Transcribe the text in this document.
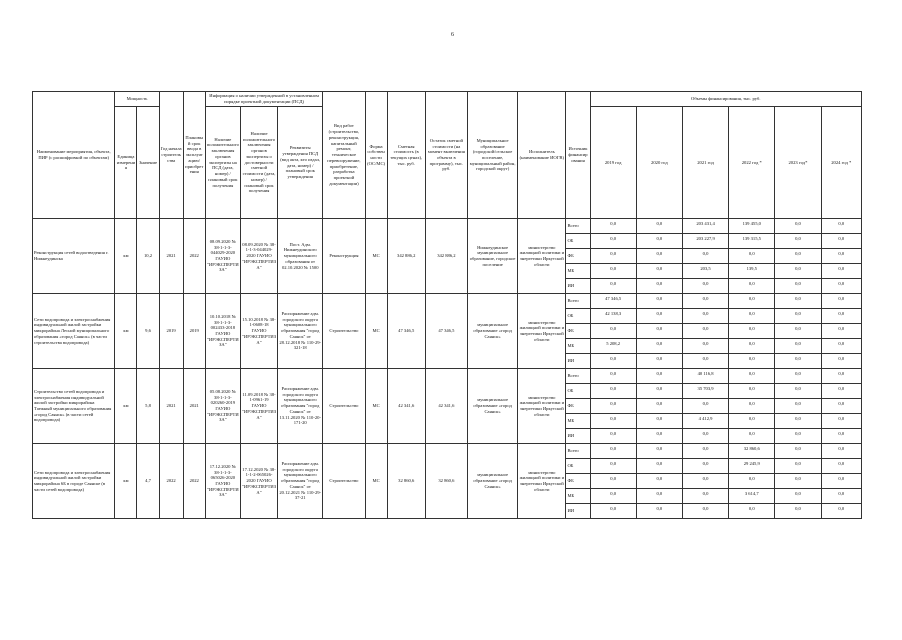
6
Наименование мероприятия, объекта, ПИР (с расшифровкой по объектам)	Мощность		Год начала строительства	Плановый срок ввода в эксплуатацию/приобретения	Информация о наличии утвержденной в установленном порядке проектной документации (ПСД)			Вид работ (строительство, реконструкция, капитальный ремонт, техническое перевооружение, приобретение, разработка проектной документации)	Форма собственности (ОС/МС)	Сметная стоимость (в текущих ценах), тыс. руб.	Остаток сметной стоимости (на момент включения объекта в программу), тыс. руб.	Муниципальное образование (городской/сельское поселение, муниципальный район, городской округ)	Исполнитель (наименование ИОГВ)	Источник финансирования	Объемы финансирования, тыс. руб.					

	Единица измерения	Значение			Наличие положительного заключения органов экспертизы на ПСД (дата, номер) / плановый срок получения	Наличие положительного заключения органов экспертизы о достоверности сметной стоимости (дата, номер) / плановый срок получения	Реквизиты утверждения ПСД (вид акта, кто издал, дата, номер) / плановый срок утверждения								2019 год	2020 год	2021 год	2022 год *	2023 год*	2024 год *
Реконструкция сетей водоотведения г. Нижнеудинска	км	10,2	2021	2022	08.09.2020 № 38-1-1-3-044029-2020 ГАУИО "ИРЭКСПЕРТИЗА"	08.09.2020 № 38-1-1-3-044029-2020 ГАУИО "ИРЭКСПЕРТИЗА"	Пост. Адм. Нижнеудинского муниципального образования от 02.10.2020 № 1500	Реконструкция	МС	342 886,2	342 886,2	Нижнеудинское муниципальное образование, городское поселение	министерство жилищной политики и энергетики Иркутской области	Всего	0,0	0,0	203 431,4	139 455,0	0,0	0,0
														ОБ	0,0	0,0	203 227,9	139 315,5	0,0	0,0
														ФБ	0,0	0,0	0,0	0,0	0,0	0,0
														МБ	0,0	0,0	203,5	139,5	0,0	0,0
														ИИ	0,0	0,0	0,0	0,0	0,0	0,0
Сети водопровода и электроснабжения индивидуальной жилой застройки микрорайона Лесной муниципального образования «город Саянск» (в части строительства водопровода)	км	9,6	2019	2019	10.10.2018 № 38-1-1-3-002433-2018 ГАУИО "ИРЭКСПЕРТИЗА"	15.10.2018 № 38-1-0608-18 ГАУИО "ИРЭКСПЕРТИЗА"	Распоряжение адм. городского округа муниципального образования "город Саянск" от 28.12.2018 № 110-29-321-18	Строительство	МС	47 346,5	47 346,5	муниципальное образование «город Саянск»	министерство жилищной политики и энергетики Иркутской области	Всего	47 346,5	0,0	0,0	0,0	0,0	0,0
														ОБ	42 138,3	0,0	0,0	0,0	0,0	0,0
														ФБ	0,0	0,0	0,0	0,0	0,0	0,0
														МБ	5 208,2	0,0	0,0	0,0	0,0	0,0
														ИИ	0,0	0,0	0,0	0,0	0,0	0,0
Строительство сетей водопровода и электроснабжения индивидуальной жилой застройки микрорайона Таежный муниципального образования «город Саянск» (в части сетей водопровода)	км	5,8	2021	2021	05.08.2020 № 38-1-1-3-020260-2019 ГАУИО "ИРЭКСПЕРТИЗА"	11.09.2018 № 38-1-0961-19 ГАУИО "ИРЭКСПЕРТИЗА"	Распоряжение адм. городского округа муниципального образования "город Саянск" от 13.11.2020 № 110-20-171-20	Строительство	МС	42 341,6	42 341,6	муниципальное образование «город Саянск»	министерство жилищной политики и энергетики Иркутской области	Всего	0,0	0,0	40 116,8	0,0	0,0	0,0
														ОБ	0,0	0,0	35 703,9	0,0	0,0	0,0
														ФБ	0,0	0,0	0,0	0,0	0,0	0,0
														МБ	0,0	0,0	4 412,9	0,0	0,0	0,0
														ИИ	0,0	0,0	0,0	0,0	0,0	0,0
Сети водопровода и электроснабжения индивидуальной жилой застройки микрорайона 6Б в городе Саянске (в части сетей водопровода)	км	4,7	2022	2022	17.12.2020 № 38-1-1-3-065026-2020 ГАУИО "ИРЭКСПЕРТИЗА"	17.12.2020 № 38-1-1-2-065026-2020 ГАУИО "ИРЭКСПЕРТИЗА"	Распоряжение адм. городского округа муниципального образования "город Саянск" от 20.12.2021 № 110-29-37-21	Строительство	МС	32 860,6	32 860,6	муниципальное образование «город Саянск»	министерство жилищной политики и энергетики Иркутской области	Всего	0,0	0,0	0,0	32 860,6	0,0	0,0
														ОБ	0,0	0,0	0,0	29 245,9	0,0	0,0
														ФБ	0,0	0,0	0,0	0,0	0,0	0,0
														МБ	0,0	0,0	0,0	3 614,7	0,0	0,0
														ИИ	0,0	0,0	0,0	0,0	0,0	0,0
